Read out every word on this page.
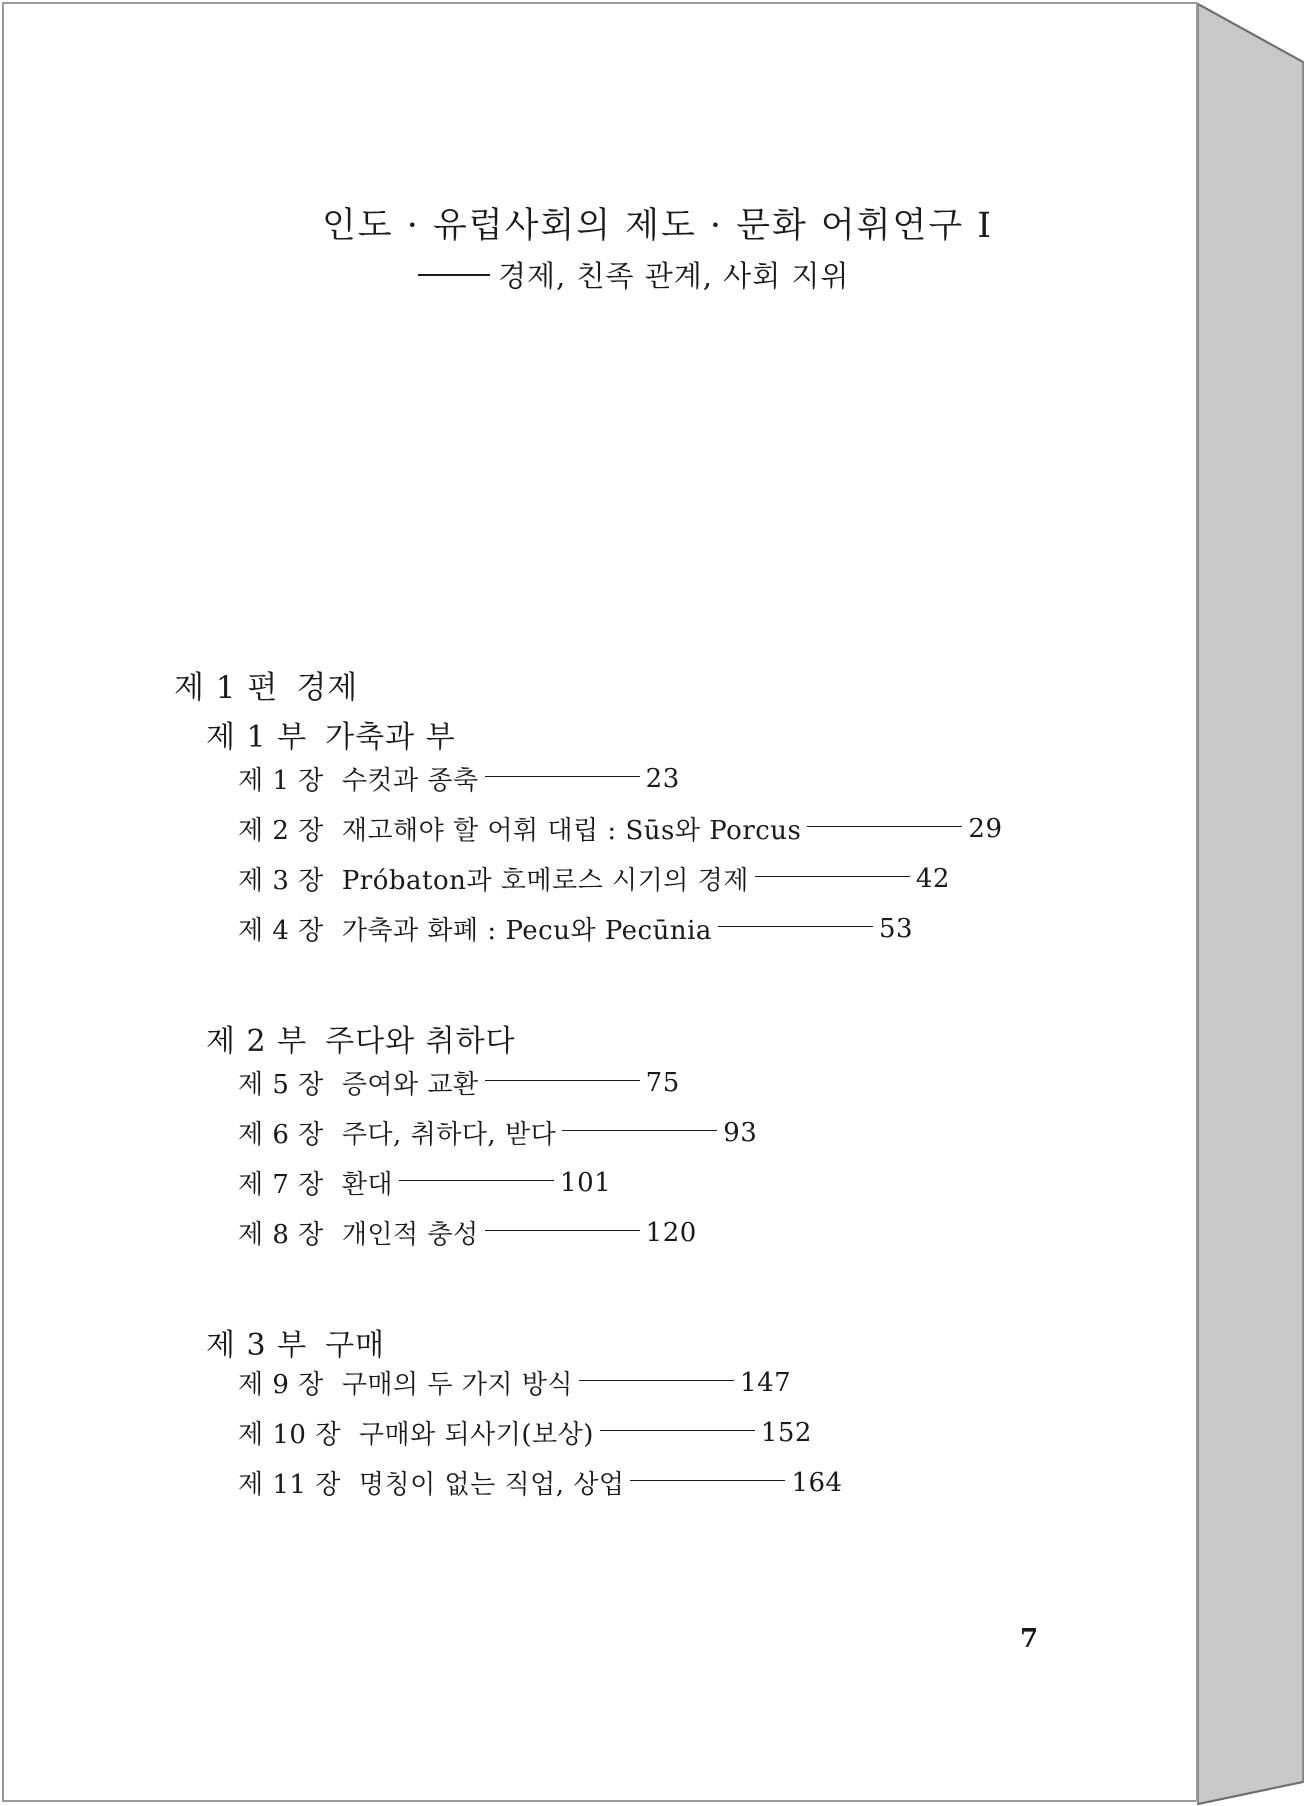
인도 · 유럽사회의 제도 · 문화 어휘연구 I
경제, 친족 관계, 사회 지위
제 1 편 경제
제 1 부 가축과 부
제 1 장 수컷과 종축	23
제 2 장 재고해야 할 어휘 대립 : Sūs와 Porcus	29
제 3 장 Próbaton과 호메로스 시기의 경제	42
제 4 장 가축과 화폐 : Pecu와 Pecūnia	53
제 2 부 주다와 취하다
제 5 장 증여와 교환	75
제 6 장 주다, 취하다, 받다	93
제 7 장 환대	101
제 8 장 개인적 충성	120
제 3 부 구매
제 9 장 구매의 두 가지 방식	147
제 10 장 구매와 되사기(보상)	152
제 11 장 명칭이 없는 직업, 상업	164
7
